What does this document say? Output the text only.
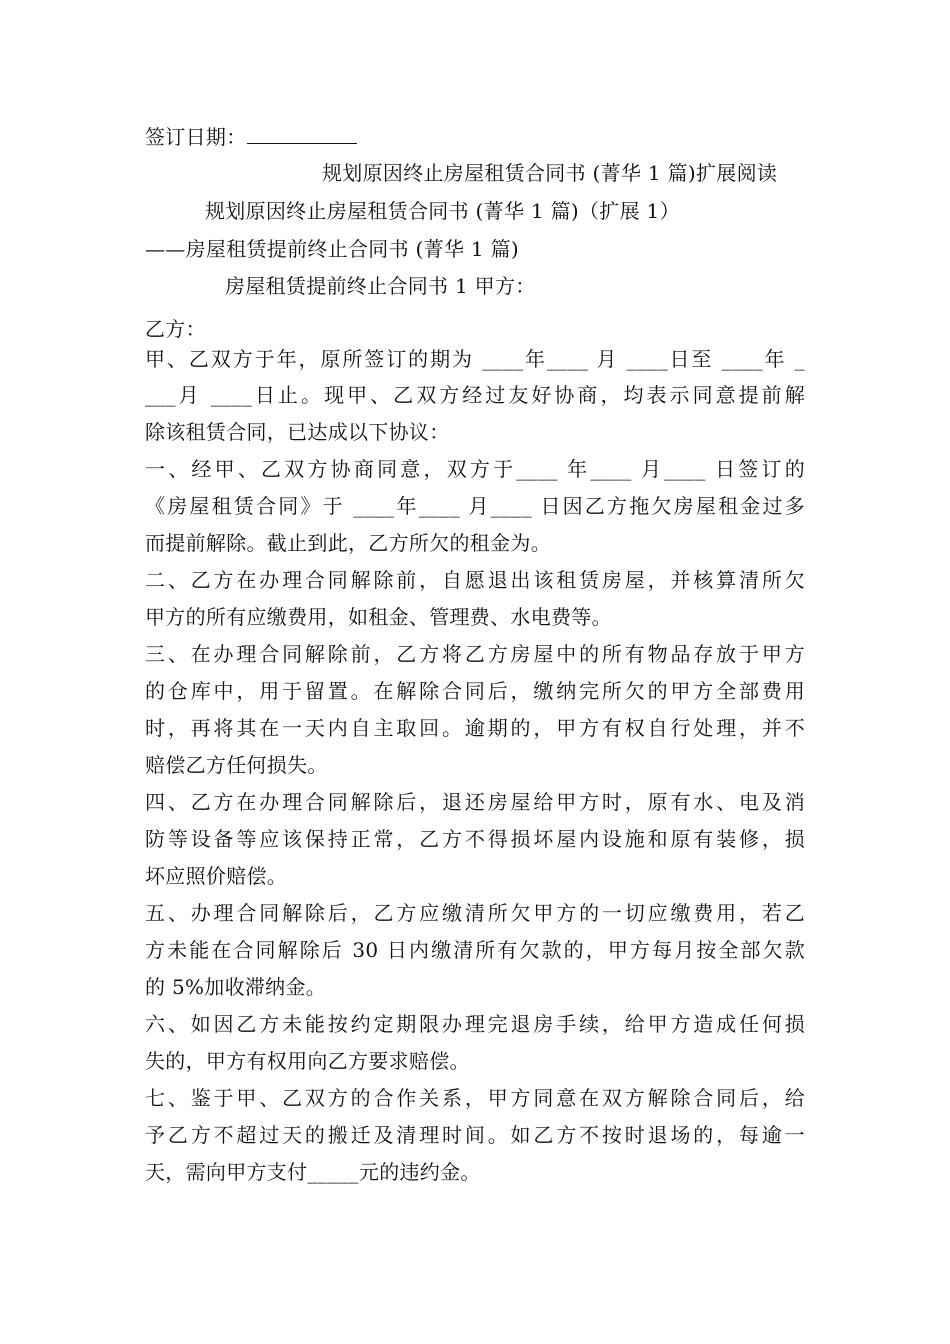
签订日期：
规划原因终止房屋租赁合同书 (菁华 1 篇)扩展阅读
规划原因终止房屋租赁合同书 (菁华 1 篇)（扩展 1）
——房屋租赁提前终止合同书 (菁华 1 篇)
房屋租赁提前终止合同书 1 甲方：
乙方：
甲、乙双方于年，原所签订的期为 ____年____ 月 ____日至 ____年 _
___月 ____日止。现甲、乙双方经过友好协商，均表示同意提前解
除该租赁合同，已达成以下协议：
一、经甲、乙双方协商同意，双方于____ 年____ 月____ 日签订的
《房屋租赁合同》于 ____年____ 月____ 日因乙方拖欠房屋租金过多
而提前解除。截止到此，乙方所欠的租金为。
二、乙方在办理合同解除前，自愿退出该租赁房屋，并核算清所欠
甲方的所有应缴费用，如租金、管理费、水电费等。
三、在办理合同解除前，乙方将乙方房屋中的所有物品存放于甲方
的仓库中，用于留置。在解除合同后，缴纳完所欠的甲方全部费用
时，再将其在一天内自主取回。逾期的，甲方有权自行处理，并不
赔偿乙方任何损失。
四、乙方在办理合同解除后，退还房屋给甲方时，原有水、电及消
防等设备等应该保持正常，乙方不得损坏屋内设施和原有装修，损
坏应照价赔偿。
五、办理合同解除后，乙方应缴清所欠甲方的一切应缴费用，若乙
方未能在合同解除后 30 日内缴清所有欠款的，甲方每月按全部欠款
的 5%加收滞纳金。
六、如因乙方未能按约定期限办理完退房手续，给甲方造成任何损
失的，甲方有权用向乙方要求赔偿。
七、鉴于甲、乙双方的合作关系，甲方同意在双方解除合同后，给
予乙方不超过天的搬迁及清理时间。如乙方不按时退场的，每逾一
天，需向甲方支付_____元的违约金。
